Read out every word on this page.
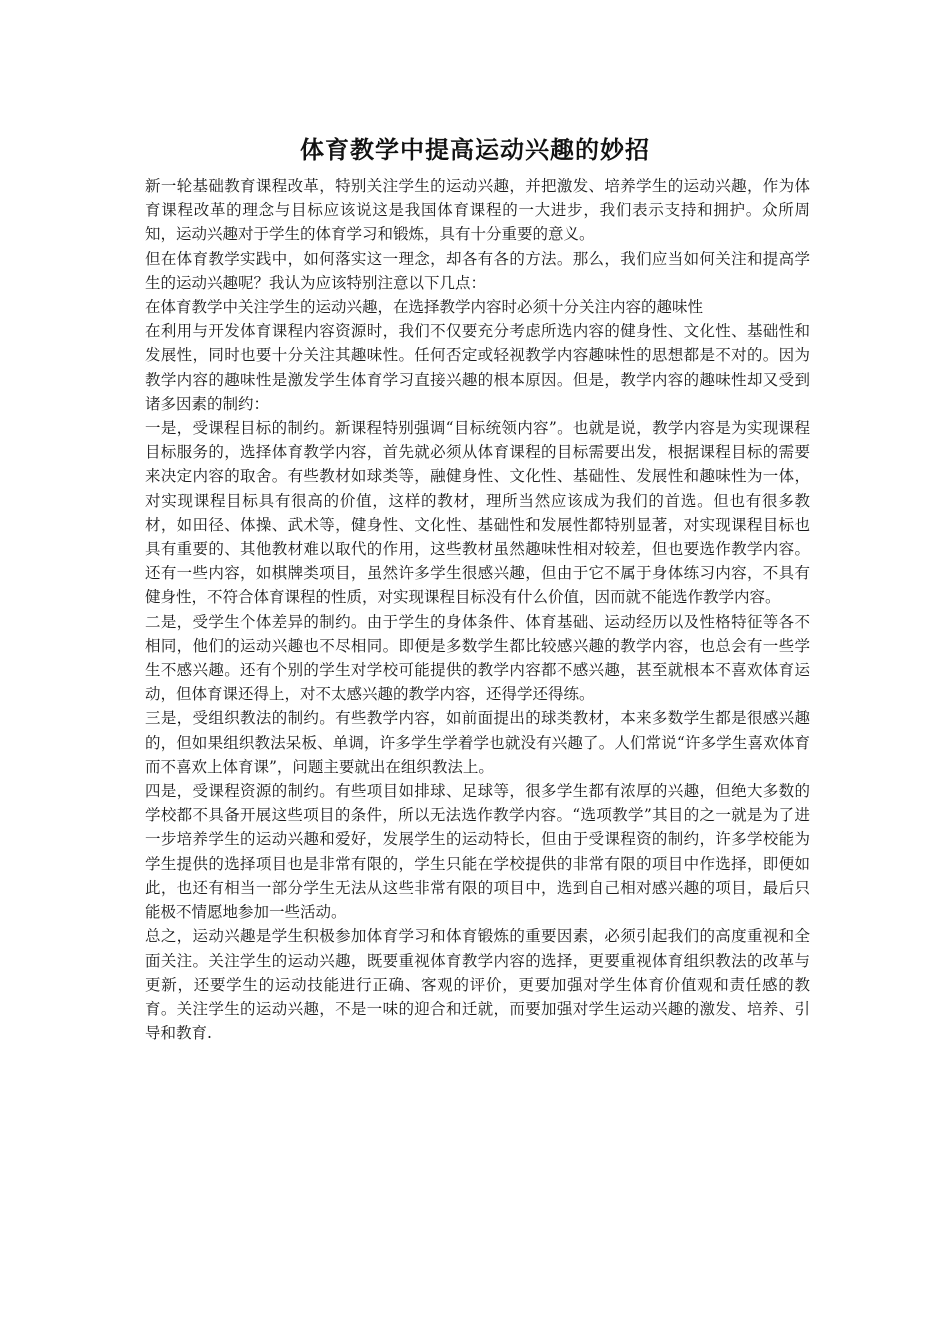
体育教学中提高运动兴趣的妙招

新一轮基础教育课程改革，特别关注学生的运动兴趣，并把激发、培养学生的运动兴趣，作为体育课程改革的理念与目标应该说这是我国体育课程的一大进步，我们表示支持和拥护。众所周知，运动兴趣对于学生的体育学习和锻炼，具有十分重要的意义。

但在体育教学实践中，如何落实这一理念，却各有各的方法。那么，我们应当如何关注和提高学生的运动兴趣呢？我认为应该特别注意以下几点：

在体育教学中关注学生的运动兴趣，在选择教学内容时必须十分关注内容的趣味性

在利用与开发体育课程内容资源时，我们不仅要充分考虑所选内容的健身性、文化性、基础性和发展性，同时也要十分关注其趣味性。任何否定或轻视教学内容趣味性的思想都是不对的。因为教学内容的趣味性是激发学生体育学习直接兴趣的根本原因。但是，教学内容的趣味性却又受到诸多因素的制约：

一是，受课程目标的制约。新课程特别强调“目标统领内容”。也就是说，教学内容是为实现课程目标服务的，选择体育教学内容，首先就必须从体育课程的目标需要出发，根据课程目标的需要来决定内容的取舍。有些教材如球类等，融健身性、文化性、基础性、发展性和趣味性为一体，对实现课程目标具有很高的价值，这样的教材，理所当然应该成为我们的首选。但也有很多教材，如田径、体操、武术等，健身性、文化性、基础性和发展性都特别显著，对实现课程目标也具有重要的、其他教材难以取代的作用，这些教材虽然趣味性相对较差，但也要选作教学内容。还有一些内容，如棋牌类项目，虽然许多学生很感兴趣，但由于它不属于身体练习内容，不具有健身性，不符合体育课程的性质，对实现课程目标没有什么价值，因而就不能选作教学内容。

二是，受学生个体差异的制约。由于学生的身体条件、体育基础、运动经历以及性格特征等各不相同，他们的运动兴趣也不尽相同。即便是多数学生都比较感兴趣的教学内容，也总会有一些学生不感兴趣。还有个别的学生对学校可能提供的教学内容都不感兴趣，甚至就根本不喜欢体育运动，但体育课还得上，对不太感兴趣的教学内容，还得学还得练。

三是，受组织教法的制约。有些教学内容，如前面提出的球类教材，本来多数学生都是很感兴趣的，但如果组织教法呆板、单调，许多学生学着学也就没有兴趣了。人们常说“许多学生喜欢体育而不喜欢上体育课”，问题主要就出在组织教法上。

四是，受课程资源的制约。有些项目如排球、足球等，很多学生都有浓厚的兴趣，但绝大多数的学校都不具备开展这些项目的条件，所以无法选作教学内容。“选项教学”其目的之一就是为了进一步培养学生的运动兴趣和爱好，发展学生的运动特长，但由于受课程资的制约，许多学校能为学生提供的选择项目也是非常有限的，学生只能在学校提供的非常有限的项目中作选择，即便如此，也还有相当一部分学生无法从这些非常有限的项目中，选到自己相对感兴趣的项目，最后只能极不情愿地参加一些活动。

总之，运动兴趣是学生积极参加体育学习和体育锻炼的重要因素，必须引起我们的高度重视和全面关注。关注学生的运动兴趣，既要重视体育教学内容的选择，更要重视体育组织教法的改革与更新，还要学生的运动技能进行正确、客观的评价，更要加强对学生体育价值观和责任感的教育。关注学生的运动兴趣，不是一味的迎合和迁就，而要加强对学生运动兴趣的激发、培养、引导和教育.
